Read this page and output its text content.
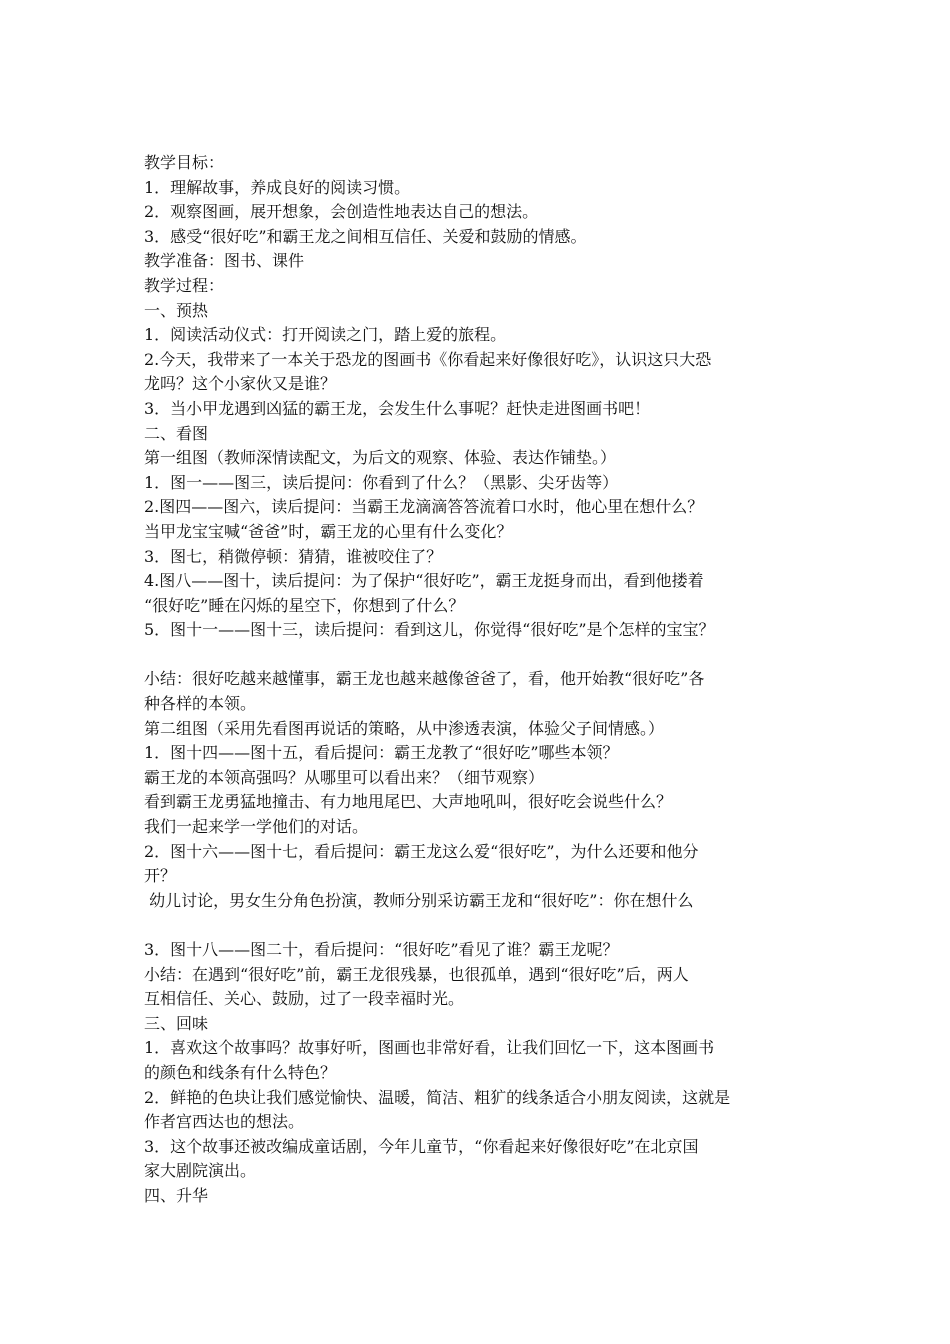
教学目标：
1．理解故事，养成良好的阅读习惯。
2．观察图画，展开想象，会创造性地表达自己的想法。
3．感受“很好吃”和霸王龙之间相互信任、关爱和鼓励的情感。
教学准备：图书、课件
教学过程：
一、预热
1．阅读活动仪式：打开阅读之门，踏上爱的旅程。
2.今天，我带来了一本关于恐龙的图画书《你看起来好像很好吃》，认识这只大恐
龙吗？这个小家伙又是谁？
3．当小甲龙遇到凶猛的霸王龙，会发生什么事呢？赶快走进图画书吧！
二、看图
第一组图（教师深情读配文，为后文的观察、体验、表达作铺垫。）
1．图一——图三，读后提问：你看到了什么？（黑影、尖牙齿等）
2.图四——图六，读后提问：当霸王龙滴滴答答流着口水时，他心里在想什么？
当甲龙宝宝喊“爸爸”时，霸王龙的心里有什么变化？
3．图七，稍微停顿：猜猜，谁被咬住了？
4.图八——图十，读后提问：为了保护“很好吃”，霸王龙挺身而出，看到他搂着
“很好吃”睡在闪烁的星空下，你想到了什么？
5．图十一——图十三，读后提问：看到这儿，你觉得“很好吃”是个怎样的宝宝？
小结：很好吃越来越懂事，霸王龙也越来越像爸爸了，看，他开始教“很好吃”各
种各样的本领。
第二组图（采用先看图再说话的策略，从中渗透表演，体验父子间情感。）
1．图十四——图十五，看后提问：霸王龙教了“很好吃”哪些本领？
霸王龙的本领高强吗？从哪里可以看出来？（细节观察）
看到霸王龙勇猛地撞击、有力地甩尾巴、大声地吼叫，很好吃会说些什么？
我们一起来学一学他们的对话。
2．图十六——图十七，看后提问：霸王龙这么爱“很好吃”，为什么还要和他分
开？
幼儿讨论，男女生分角色扮演，教师分别采访霸王龙和“很好吃”：你在想什么
3．图十八——图二十，看后提问：“很好吃”看见了谁？霸王龙呢？
小结：在遇到“很好吃”前，霸王龙很残暴，也很孤单，遇到“很好吃”后，两人
互相信任、关心、鼓励，过了一段幸福时光。
三、回味
1．喜欢这个故事吗？故事好听，图画也非常好看，让我们回忆一下，这本图画书
的颜色和线条有什么特色？
2．鲜艳的色块让我们感觉愉快、温暖，简洁、粗犷的线条适合小朋友阅读，这就是
作者宫西达也的想法。
3．这个故事还被改编成童话剧，今年儿童节，“你看起来好像很好吃”在北京国
家大剧院演出。
四、升华
